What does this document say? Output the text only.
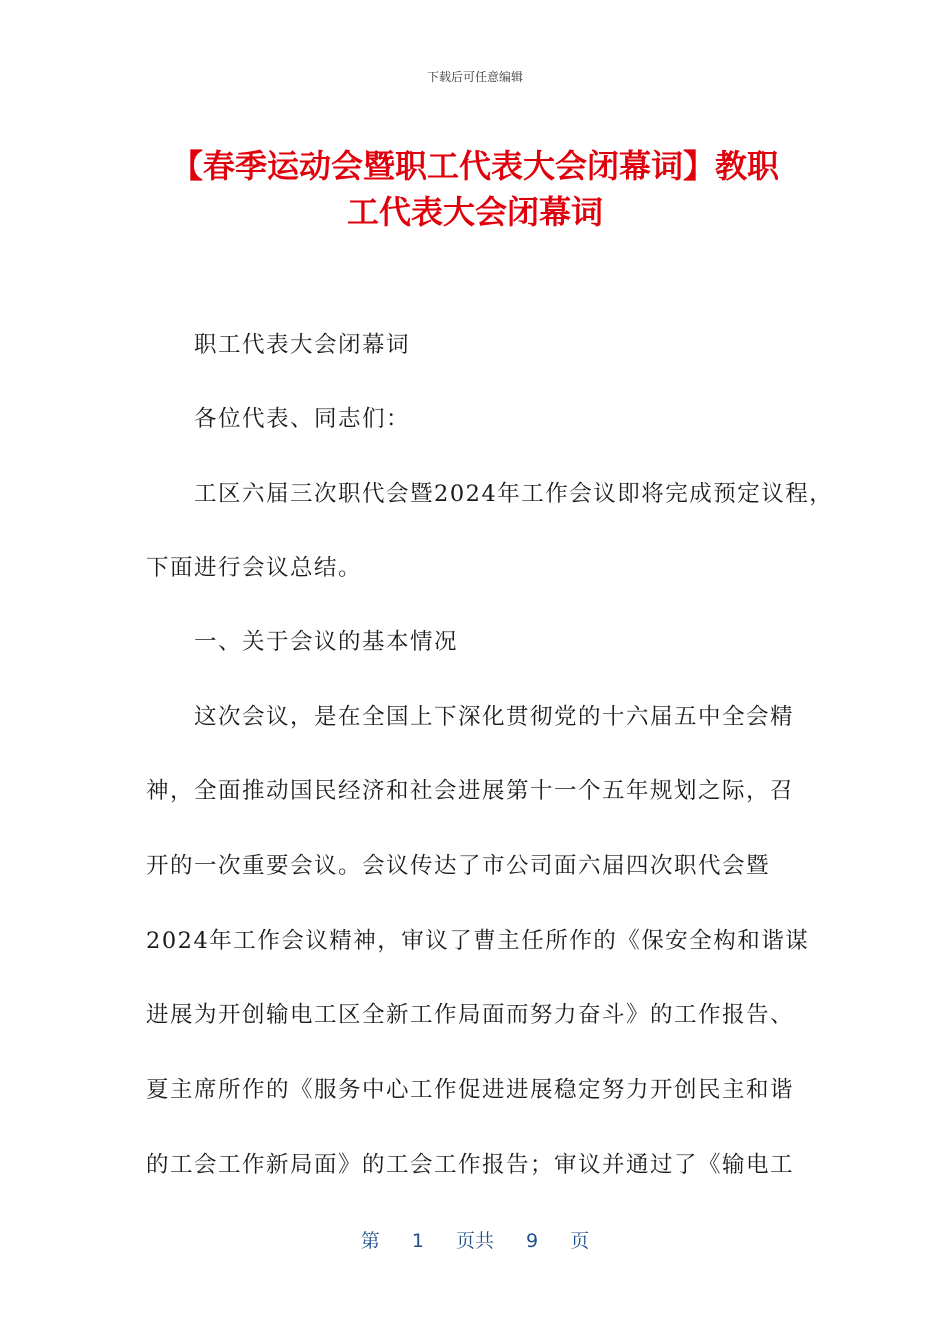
下载后可任意编辑
【春季运动会暨职工代表大会闭幕词】教职
工代表大会闭幕词
职工代表大会闭幕词
各位代表、同志们：
工区六届三次职代会暨2024年工作会议即将完成预定议程，
下面进行会议总结。
一、关于会议的基本情况
这次会议，是在全国上下深化贯彻党的十六届五中全会精
神，全面推动国民经济和社会进展第十一个五年规划之际，召
开的一次重要会议。会议传达了市公司面六届四次职代会暨
2024年工作会议精神，审议了曹主任所作的《保安全构和谐谋
进展为开创输电工区全新工作局面而努力奋斗》的工作报告、
夏主席所作的《服务中心工作促进进展稳定努力开创民主和谐
的工会工作新局面》的工会工作报告；审议并通过了《输电工
第 1 页共 9 页
